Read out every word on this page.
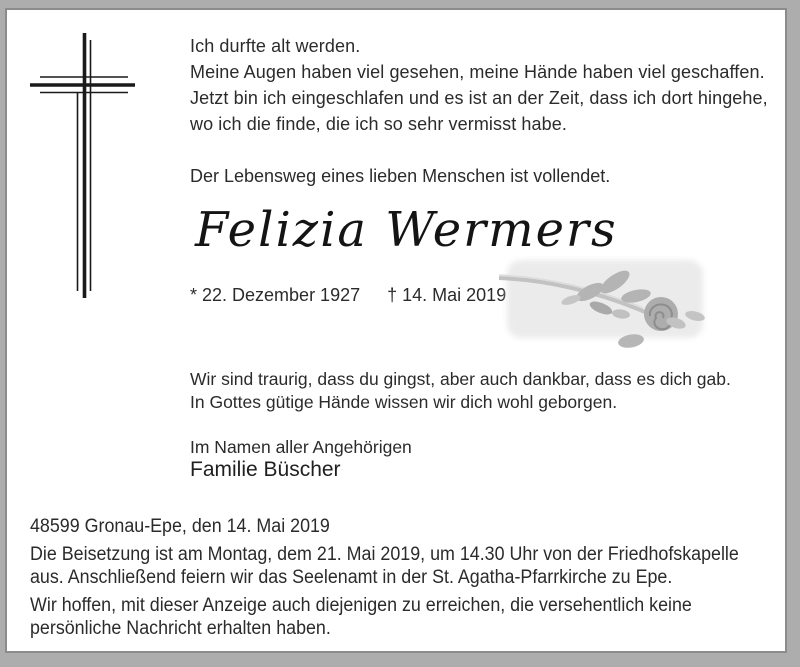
Ich durfte alt werden.
Meine Augen haben viel gesehen, meine Hände haben viel geschaffen.
Jetzt bin ich eingeschlafen und es ist an der Zeit, dass ich dort hingehe,
wo ich die finde, die ich so sehr vermisst habe.
Der Lebensweg eines lieben Menschen ist vollendet.
Felizia Wermers
* 22. Dezember 1927 † 14. Mai 2019
Wir sind traurig, dass du gingst, aber auch dankbar, dass es dich gab.
In Gottes gütige Hände wissen wir dich wohl geborgen.
Im Namen aller Angehörigen
Familie Büscher
48599 Gronau-Epe, den 14. Mai 2019
Die Beisetzung ist am Montag, dem 21. Mai 2019, um 14.30 Uhr von der Friedhofskapelle
aus. Anschließend feiern wir das Seelenamt in der St. Agatha-Pfarrkirche zu Epe.
Wir hoffen, mit dieser Anzeige auch diejenigen zu erreichen, die versehentlich keine
persönliche Nachricht erhalten haben.
